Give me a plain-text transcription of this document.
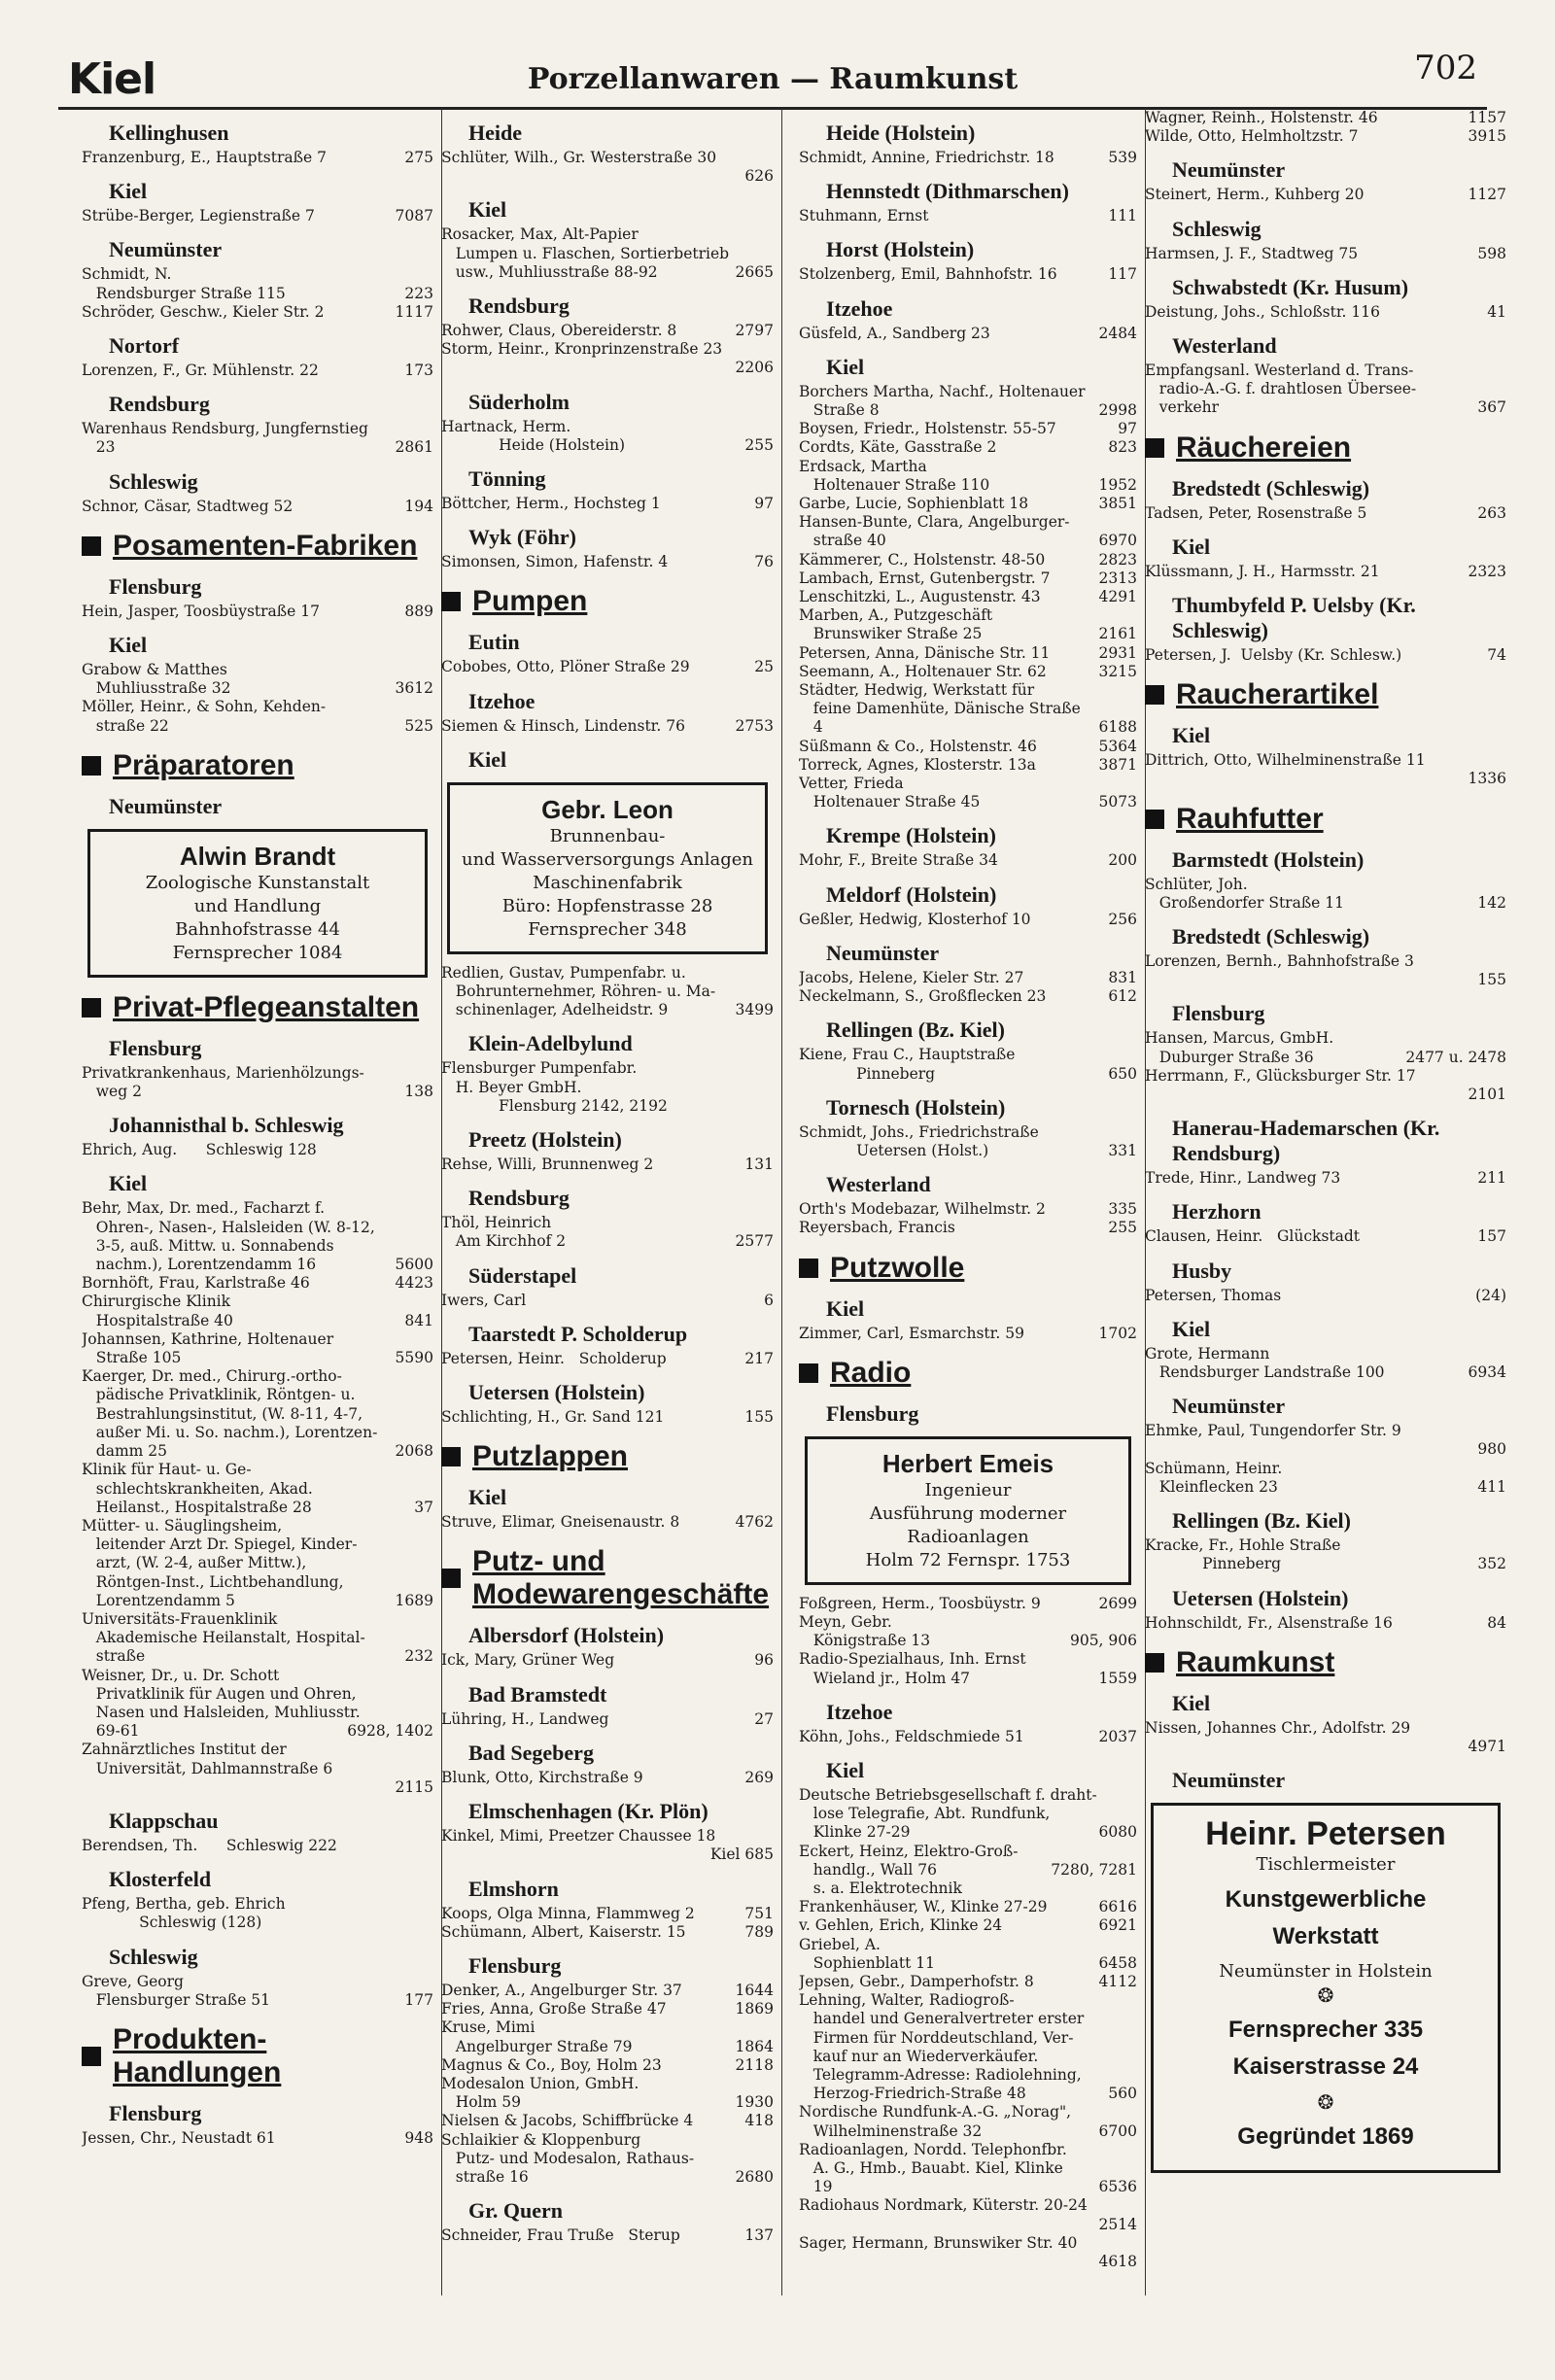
Kiel	Porzellanwaren — Raumkunst	702
Kellinghusen
Franzenburg, E., Hauptstraße 7	275
Kiel
Strübe-Berger, Legienstraße 7	7087
Neumünster
Schmidt, N.
Rendsburger Straße 115	223
Schröder, Geschw., Kieler Str. 2	1117
Nortorf
Lorenzen, F., Gr. Mühlenstr. 22	173
Rendsburg
Warenhaus Rendsburg, Jungfernstieg
23	2861
Schleswig
Schnor, Cäsar, Stadtweg 52	194
Posamenten-Fabriken
Flensburg
Hein, Jasper, Toosbüystraße 17	889
Kiel
Grabow & Matthes
Muhliusstraße 32	3612
Möller, Heinr., & Sohn, Kehden-
straße 22	525
Präparatoren
Neumünster
Alwin Brandt
Zoologische Kunstanstalt
und Handlung
Bahnhofstrasse 44
Fernsprecher 1084
Privat-Pflegeanstalten
Flensburg
Privatkrankenhaus, Marienhölzungs-
weg 2	138
Johannisthal b. Schleswig
Ehrich, Aug.      Schleswig 128
Kiel
Behr, Max, Dr. med., Facharzt f.
Ohren-, Nasen-, Halsleiden (W. 8-12,
3-5, auß. Mittw. u. Sonnabends
nachm.), Lorentzendamm 16	5600
Bornhöft, Frau, Karlstraße 46	4423
Chirurgische Klinik
Hospitalstraße 40	841
Johannsen, Kathrine, Holtenauer
Straße 105	5590
Kaerger, Dr. med., Chirurg.-ortho-
pädische Privatklinik, Röntgen- u.
Bestrahlungsinstitut, (W. 8-11, 4-7,
außer Mi. u. So. nachm.), Lorentzen-
damm 25	2068
Klinik für Haut- u. Ge-
schlechtskrankheiten, Akad.
Heilanst., Hospitalstraße 28	37
Mütter- u. Säuglingsheim,
leitender Arzt Dr. Spiegel, Kinder-
arzt, (W. 2-4, außer Mittw.),
Röntgen-Inst., Lichtbehandlung,
Lorentzendamm 5	1689
Universitäts-Frauenklinik
Akademische Heilanstalt, Hospital-
straße	232
Weisner, Dr., u. Dr. Schott
Privatklinik für Augen und Ohren,
Nasen und Halsleiden, Muhliusstr.
69-61	6928, 1402
Zahnärztliches Institut der
Universität, Dahlmannstraße 6
2115
Klappschau
Berendsen, Th.      Schleswig 222
Klosterfeld
Pfeng, Bertha, geb. Ehrich
Schleswig (128)
Schleswig
Greve, Georg
Flensburger Straße 51	177
Produkten-Handlungen
Flensburg
Jessen, Chr., Neustadt 61	948
Heide
Schlüter, Wilh., Gr. Westerstraße 30
626
Kiel
Rosacker, Max, Alt-Papier
Lumpen u. Flaschen, Sortierbetrieb
usw., Muhliusstraße 88-92	2665
Rendsburg
Rohwer, Claus, Obereiderstr. 8	2797
Storm, Heinr., Kronprinzenstraße 23
2206
Süderholm
Hartnack, Herm.
Heide (Holstein)	255
Tönning
Böttcher, Herm., Hochsteg 1	97
Wyk (Föhr)
Simonsen, Simon, Hafenstr. 4	76
Pumpen
Eutin
Cobobes, Otto, Plöner Straße 29	25
Itzehoe
Siemen & Hinsch, Lindenstr. 76	2753
Kiel
Gebr. Leon
Brunnenbau-
und Wasserversorgungs Anlagen
Maschinenfabrik
Büro: Hopfenstrasse 28
Fernsprecher 348
Redlien, Gustav, Pumpenfabr. u.
Bohrunternehmer, Röhren- u. Ma-
schinenlager, Adelheidstr. 9	3499
Klein-Adelbylund
Flensburger Pumpenfabr.
H. Beyer GmbH.
Flensburg 2142, 2192
Preetz (Holstein)
Rehse, Willi, Brunnenweg 2	131
Rendsburg
Thöl, Heinrich
Am Kirchhof 2	2577
Süderstapel
Iwers, Carl	6
Taarstedt P. Scholderup
Petersen, Heinr.   Scholderup	217
Uetersen (Holstein)
Schlichting, H., Gr. Sand 121	155
Putzlappen
Kiel
Struve, Elimar, Gneisenaustr. 8	4762
Putz- und Modewarengeschäfte
Albersdorf (Holstein)
Ick, Mary, Grüner Weg	96
Bad Bramstedt
Lühring, H., Landweg	27
Bad Segeberg
Blunk, Otto, Kirchstraße 9	269
Elmschenhagen (Kr. Plön)
Kinkel, Mimi, Preetzer Chaussee 18
Kiel 685
Elmshorn
Koops, Olga Minna, Flammweg 2	751
Schümann, Albert, Kaiserstr. 15	789
Flensburg
Denker, A., Angelburger Str. 37	1644
Fries, Anna, Große Straße 47	1869
Kruse, Mimi
Angelburger Straße 79	1864
Magnus & Co., Boy, Holm 23	2118
Modesalon Union, GmbH.
Holm 59	1930
Nielsen & Jacobs, Schiffbrücke 4	418
Schlaikier & Kloppenburg
Putz- und Modesalon, Rathaus-
straße 16	2680
Gr. Quern
Schneider, Frau Truße   Sterup	137
Heide (Holstein)
Schmidt, Annine, Friedrichstr. 18	539
Hennstedt (Dithmarschen)
Stuhmann, Ernst	111
Horst (Holstein)
Stolzenberg, Emil, Bahnhofstr. 16	117
Itzehoe
Güsfeld, A., Sandberg 23	2484
Kiel
Borchers Martha, Nachf., Holtenauer
Straße 8	2998
Boysen, Friedr., Holstenstr. 55-57	97
Cordts, Käte, Gasstraße 2	823
Erdsack, Martha
Holtenauer Straße 110	1952
Garbe, Lucie, Sophienblatt 18	3851
Hansen-Bunte, Clara, Angelburger-
straße 40	6970
Kämmerer, C., Holstenstr. 48-50	2823
Lambach, Ernst, Gutenbergstr. 7	2313
Lenschitzki, L., Augustenstr. 43	4291
Marben, A., Putzgeschäft
Brunswiker Straße 25	2161
Petersen, Anna, Dänische Str. 11	2931
Seemann, A., Holtenauer Str. 62	3215
Städter, Hedwig, Werkstatt für
feine Damenhüte, Dänische Straße
4	6188
Süßmann & Co., Holstenstr. 46	5364
Torreck, Agnes, Klosterstr. 13a	3871
Vetter, Frieda
Holtenauer Straße 45	5073
Krempe (Holstein)
Mohr, F., Breite Straße 34	200
Meldorf (Holstein)
Geßler, Hedwig, Klosterhof 10	256
Neumünster
Jacobs, Helene, Kieler Str. 27	831
Neckelmann, S., Großflecken 23	612
Rellingen (Bz. Kiel)
Kiene, Frau C., Hauptstraße
Pinneberg	650
Tornesch (Holstein)
Schmidt, Johs., Friedrichstraße
Uetersen (Holst.)	331
Westerland
Orth's Modebazar, Wilhelmstr. 2	335
Reyersbach, Francis	255
Putzwolle
Kiel
Zimmer, Carl, Esmarchstr. 59	1702
Radio
Flensburg
Herbert Emeis
Ingenieur
Ausführung moderner
Radioanlagen
Holm 72 Fernspr. 1753
Foßgreen, Herm., Toosbüystr. 9	2699
Meyn, Gebr.
Königstraße 13	905, 906
Radio-Spezialhaus, Inh. Ernst
Wieland jr., Holm 47	1559
Itzehoe
Köhn, Johs., Feldschmiede 51	2037
Kiel
Deutsche Betriebsgesellschaft f. draht-
lose Telegrafie, Abt. Rundfunk,
Klinke 27-29	6080
Eckert, Heinz, Elektro-Groß-
handlg., Wall 76	7280, 7281
s. a. Elektrotechnik
Frankenhäuser, W., Klinke 27-29	6616
v. Gehlen, Erich, Klinke 24	6921
Griebel, A.
Sophienblatt 11	6458
Jepsen, Gebr., Damperhofstr. 8	4112
Lehning, Walter, Radiogroß-
handel und Generalvertreter erster
Firmen für Norddeutschland, Ver-
kauf nur an Wiederverkäufer.
Telegramm-Adresse: Radiolehning,
Herzog-Friedrich-Straße 48	560
Nordische Rundfunk-A.-G. „Norag",
Wilhelminenstraße 32	6700
Radioanlagen, Nordd. Telephonfbr.
A. G., Hmb., Bauabt. Kiel, Klinke
19	6536
Radiohaus Nordmark, Küterstr. 20-24
2514
Sager, Hermann, Brunswiker Str. 40
4618
Wagner, Reinh., Holstenstr. 46	1157
Wilde, Otto, Helmholtzstr. 7	3915
Neumünster
Steinert, Herm., Kuhberg 20	1127
Schleswig
Harmsen, J. F., Stadtweg 75	598
Schwabstedt (Kr. Husum)
Deistung, Johs., Schloßstr. 116	41
Westerland
Empfangsanl. Westerland d. Trans-
radio-A.-G. f. drahtlosen Übersee-
verkehr	367
Räuchereien
Bredstedt (Schleswig)
Tadsen, Peter, Rosenstraße 5	263
Kiel
Klüssmann, J. H., Harmsstr. 21	2323
Thumbyfeld P. Uelsby (Kr. Schleswig)
Petersen, J.  Uelsby (Kr. Schlesw.)	74
Raucherartikel
Kiel
Dittrich, Otto, Wilhelminenstraße 11
1336
Rauhfutter
Barmstedt (Holstein)
Schlüter, Joh.
Großendorfer Straße 11	142
Bredstedt (Schleswig)
Lorenzen, Bernh., Bahnhofstraße 3
155
Flensburg
Hansen, Marcus, GmbH.
Duburger Straße 36	2477 u. 2478
Herrmann, F., Glücksburger Str. 17
2101
Hanerau-Hademarschen (Kr. Rendsburg)
Trede, Hinr., Landweg 73	211
Herzhorn
Clausen, Heinr.   Glückstadt	157
Husby
Petersen, Thomas	(24)
Kiel
Grote, Hermann
Rendsburger Landstraße 100	6934
Neumünster
Ehmke, Paul, Tungendorfer Str. 9
980
Schümann, Heinr.
Kleinflecken 23	411
Rellingen (Bz. Kiel)
Kracke, Fr., Hohle Straße
Pinneberg	352
Uetersen (Holstein)
Hohnschildt, Fr., Alsenstraße 16	84
Raumkunst
Kiel
Nissen, Johannes Chr., Adolfstr. 29
4971
Neumünster
Heinr. Petersen
Tischlermeister
Kunstgewerbliche
Werkstatt
Neumünster in Holstein
❂
Fernsprecher 335
Kaiserstrasse 24
❂
Gegründet 1869
